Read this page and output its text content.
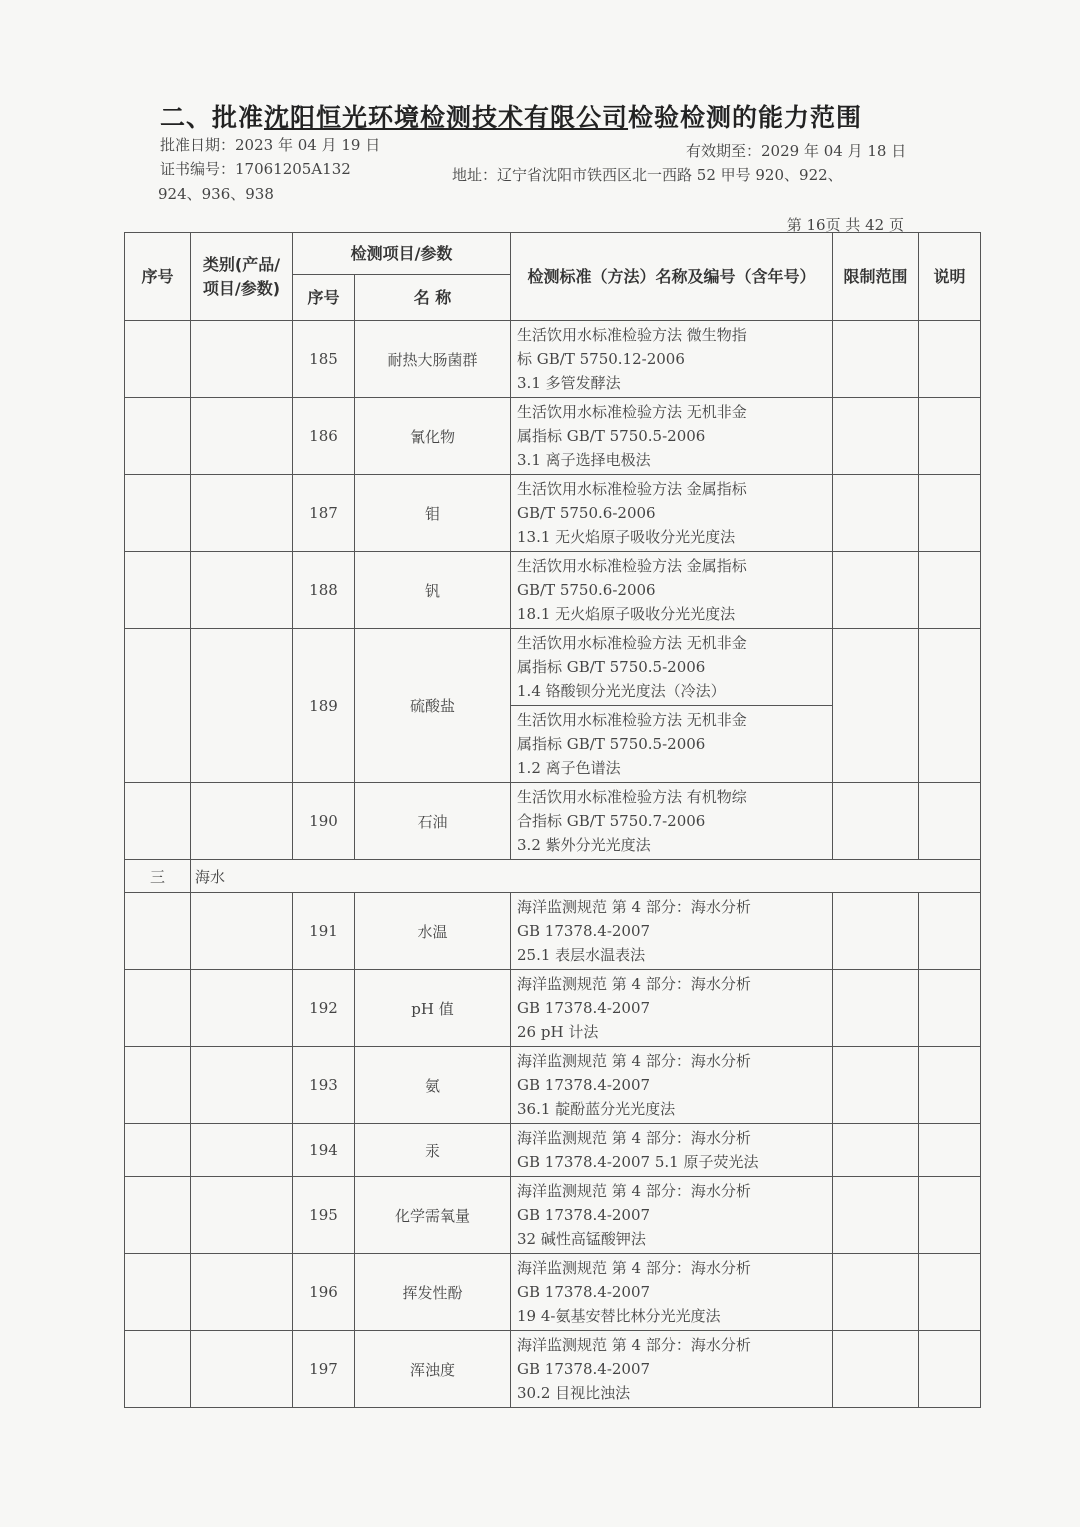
二、批准沈阳恒光环境检测技术有限公司检验检测的能力范围
批准日期：2023 年 04 月 19 日	有效期至：2029 年 04 月 18 日
证书编号：17061205A132	地址：辽宁省沈阳市铁西区北一西路 52 甲号 920、922、
924、936、938
第 16页 共 42 页
序号	类别(产品/项目/参数)	检测项目/参数		检测标准（方法）名称及编号（含年号）	限制范围	说明
		序号	名 称			
		185	耐热大肠菌群	生活饮用水标准检验方法 微生物指
标 GB/T 5750.12-2006
3.1 多管发酵法		

		186	氰化物	生活饮用水标准检验方法 无机非金
属指标 GB/T 5750.5-2006
3.1 离子选择电极法		

		187	钼	生活饮用水标准检验方法 金属指标
GB/T 5750.6-2006
13.1 无火焰原子吸收分光光度法		

		188	钒	生活饮用水标准检验方法 金属指标
GB/T 5750.6-2006
18.1 无火焰原子吸收分光光度法		

		189	硫酸盐	生活饮用水标准检验方法 无机非金
属指标 GB/T 5750.5-2006
1.4 铬酸钡分光光度法（冷法）		

				生活饮用水标准检验方法 无机非金
属指标 GB/T 5750.5-2006
1.2 离子色谱法		

		190	石油	生活饮用水标准检验方法 有机物综
合指标 GB/T 5750.7-2006
3.2 紫外分光光度法		

三	海水					
		191	水温	海洋监测规范 第 4 部分：海水分析
GB 17378.4-2007
25.1 表层水温表法		

		192	pH 值	海洋监测规范 第 4 部分：海水分析
GB 17378.4-2007
26 pH 计法		

		193	氨	海洋监测规范 第 4 部分：海水分析
GB 17378.4-2007
36.1 靛酚蓝分光光度法		

		194	汞	海洋监测规范 第 4 部分：海水分析
GB 17378.4-2007 5.1 原子荧光法		

		195	化学需氧量	海洋监测规范 第 4 部分：海水分析
GB 17378.4-2007
32 碱性高锰酸钾法		

		196	挥发性酚	海洋监测规范 第 4 部分：海水分析
GB 17378.4-2007
19 4-氨基安替比林分光光度法		

		197	浑浊度	海洋监测规范 第 4 部分：海水分析
GB 17378.4-2007
30.2 目视比浊法		
